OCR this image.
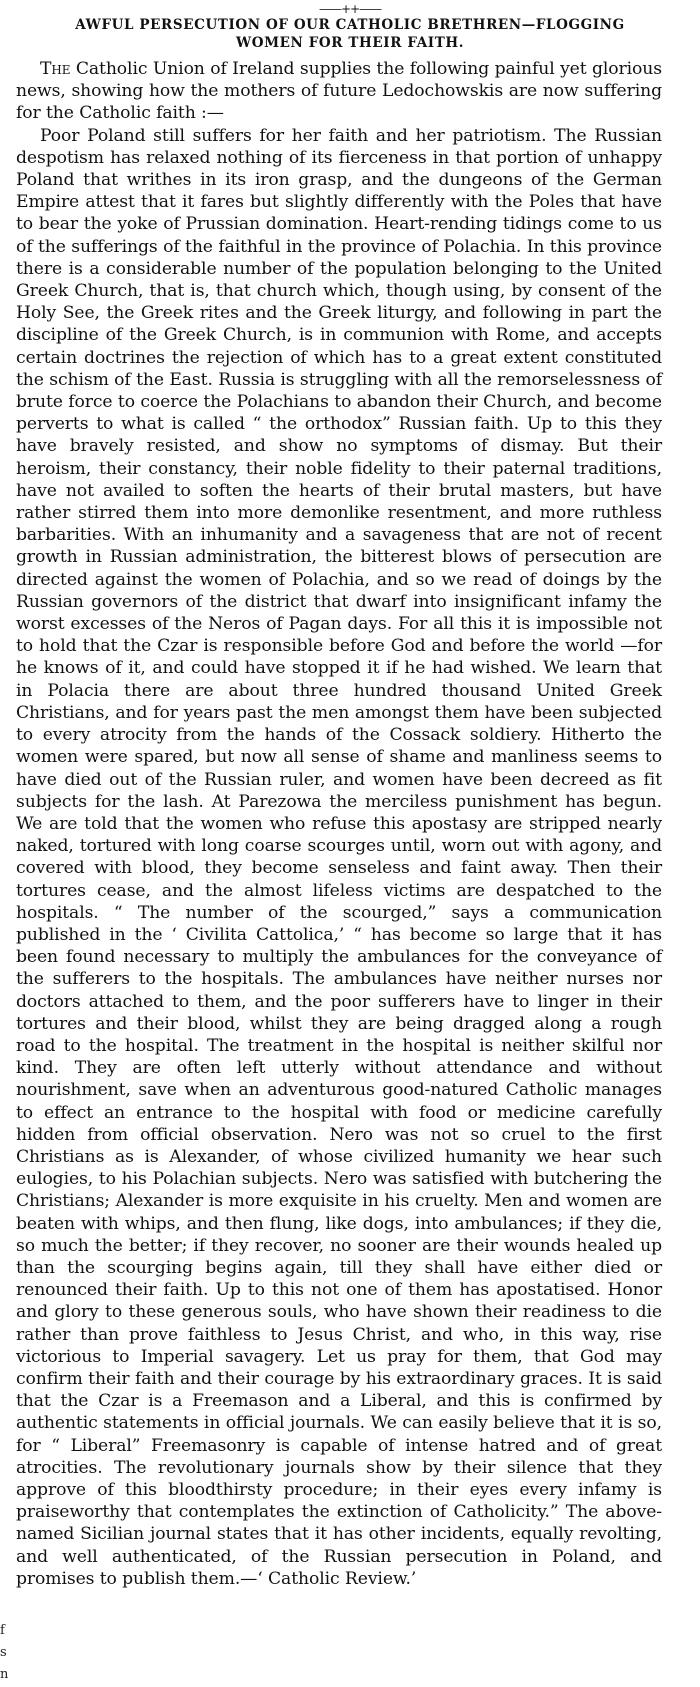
——++——
AWFUL PERSECUTION OF OUR CATHOLIC BRETHREN—FLOGGING
WOMEN FOR THEIR FAITH.

The Catholic Union of Ireland supplies the following painful yet glorious news, showing how the mothers of future Ledochowskis are now suffering for the Catholic faith :—

Poor Poland still suffers for her faith and her patriotism. The Russian despotism has relaxed nothing of its fierceness in that portion of unhappy Poland that writhes in its iron grasp, and the dungeons of the German Empire attest that it fares but slightly differently with the Poles that have to bear the yoke of Prussian domination. Heart-rending tidings come to us of the sufferings of the faithful in the province of Polachia. In this province there is a considerable number of the population belonging to the United Greek Church, that is, that church which, though using, by consent of the Holy See, the Greek rites and the Greek liturgy, and following in part the discipline of the Greek Church, is in communion with Rome, and accepts certain doctrines the rejection of which has to a great extent constituted the schism of the East. Russia is struggling with all the remorselessness of brute force to coerce the Polachians to abandon their Church, and become perverts to what is called “ the orthodox” Russian faith. Up to this they have bravely resisted, and show no symptoms of dismay. But their heroism, their constancy, their noble fidelity to their paternal traditions, have not availed to soften the hearts of their brutal masters, but have rather stirred them into more demonlike resentment, and more ruthless barbarities. With an inhumanity and a savageness that are not of recent growth in Russian administration, the bitterest blows of persecution are directed against the women of Polachia, and so we read of doings by the Russian governors of the district that dwarf into insignificant infamy the worst excesses of the Neros of Pagan days. For all this it is impossible not to hold that the Czar is responsible before God and before the world —for he knows of it, and could have stopped it if he had wished. We learn that in Polacia there are about three hundred thousand United Greek Christians, and for years past the men amongst them have been subjected to every atrocity from the hands of the Cossack soldiery. Hitherto the women were spared, but now all sense of shame and manliness seems to have died out of the Russian ruler, and women have been decreed as fit subjects for the lash. At Parezowa the merciless punishment has begun. We are told that the women who refuse this apostasy are stripped nearly naked, tortured with long coarse scourges until, worn out with agony, and covered with blood, they become senseless and faint away. Then their tortures cease, and the almost lifeless victims are despatched to the hospitals. “ The number of the scourged,” says a communication published in the ‘ Civilita Cattolica,’ “ has become so large that it has been found necessary to multiply the ambulances for the conveyance of the sufferers to the hospitals. The ambulances have neither nurses nor doctors attached to them, and the poor sufferers have to linger in their tortures and their blood, whilst they are being dragged along a rough road to the hospital. The treatment in the hospital is neither skilful nor kind. They are often left utterly without attendance and without nourishment, save when an adventurous good-natured Catholic manages to effect an entrance to the hospital with food or medicine carefully hidden from official observation. Nero was not so cruel to the first Christians as is Alexander, of whose civilized humanity we hear such eulogies, to his Polachian subjects. Nero was satisfied with butchering the Christians; Alexander is more exquisite in his cruelty. Men and women are beaten with whips, and then flung, like dogs, into ambulances; if they die, so much the better; if they recover, no sooner are their wounds healed up than the scourging begins again, till they shall have either died or renounced their faith. Up to this not one of them has apostatised. Honor and glory to these generous souls, who have shown their readiness to die rather than prove faithless to Jesus Christ, and who, in this way, rise victorious to Imperial savagery. Let us pray for them, that God may confirm their faith and their courage by his extraordinary graces. It is said that the Czar is a Freemason and a Liberal, and this is confirmed by authentic statements in official journals. We can easily believe that it is so, for “ Liberal” Freemasonry is capable of intense hatred and of great atrocities. The revolutionary journals show by their silence that they approve of this bloodthirsty procedure; in their eyes every infamy is praiseworthy that contemplates the extinction of Catholicity.” The above-named Sicilian journal states that it has other incidents, equally revolting, and well authenticated, of the Russian persecution in Poland, and promises to publish them.—‘ Catholic Review.’

f
s
n
